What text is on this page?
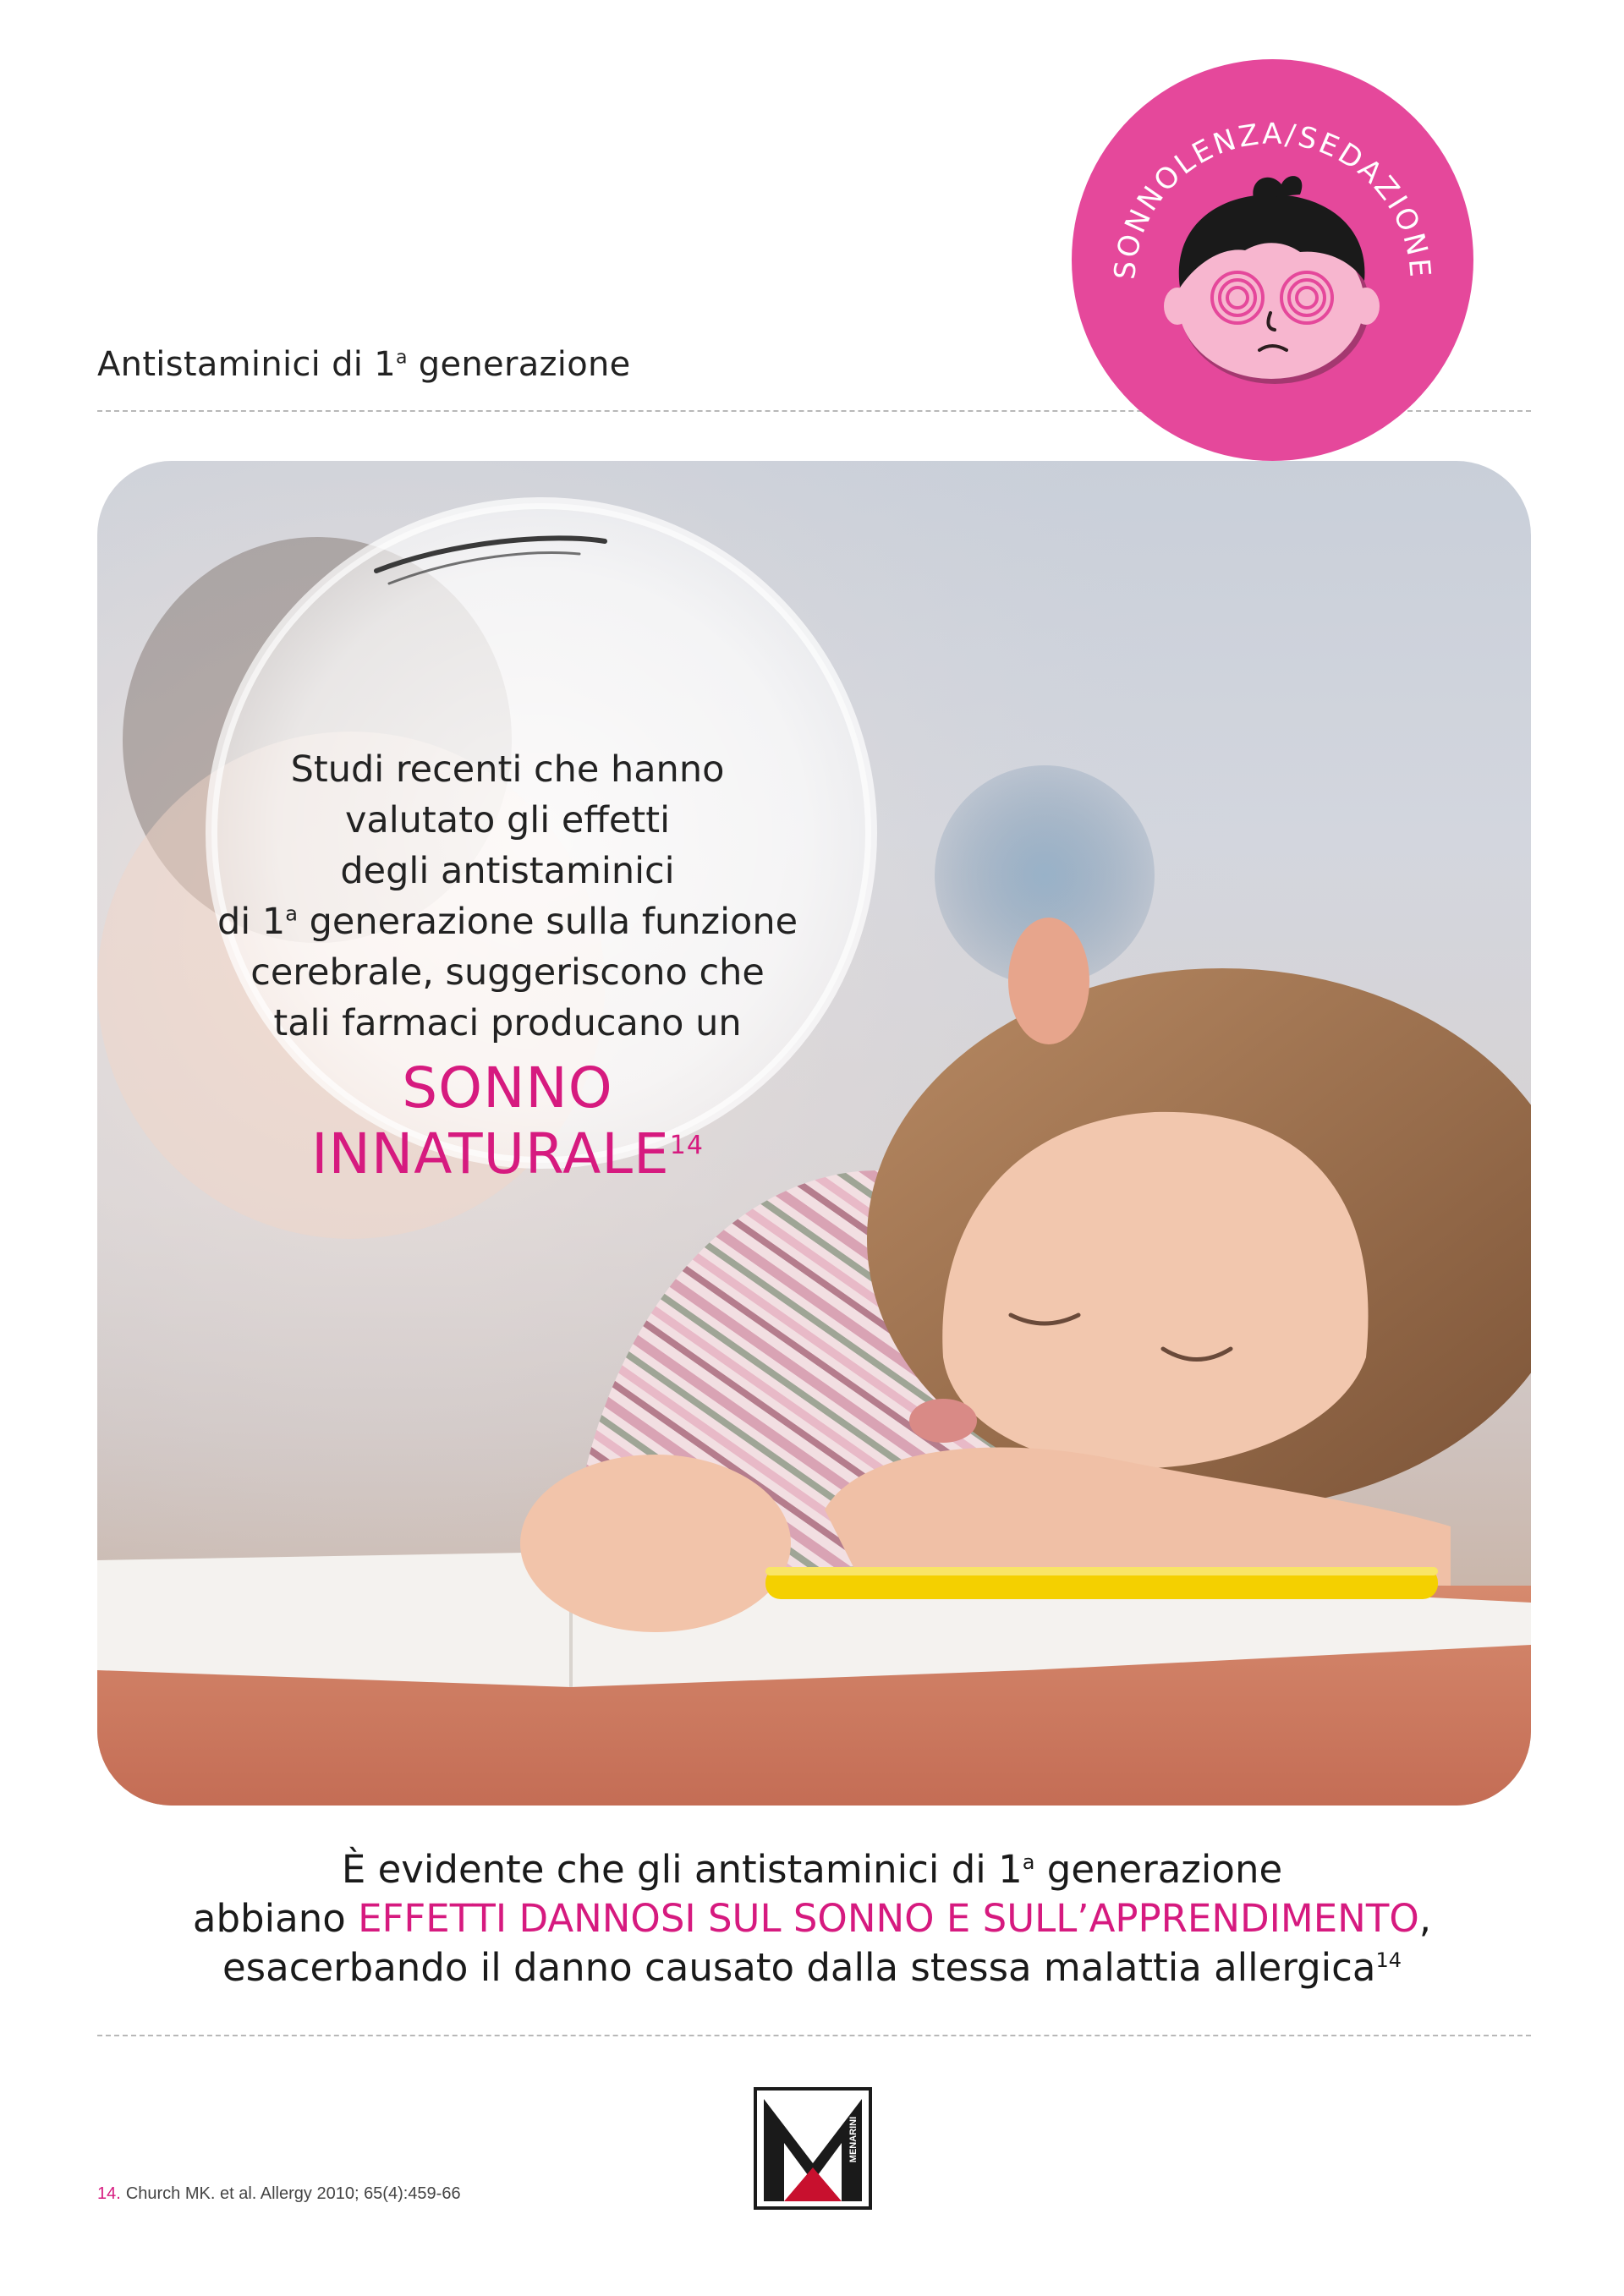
Antistaminici di 1$^a$ generazione
SONNOLENZA/SEDAZIONE
Studi recenti che hanno
valutato gli effetti
degli antistaminici
di 1$^a$ generazione sulla funzione
cerebrale, suggeriscono che
tali farmaci producano un
SONNO INNATURALE$^{14}$
È evidente che gli antistaminici di 1$^a$ generazione
abbiano EFFETTI DANNOSI SUL SONNO E SULL’APPRENDIMENTO,
esacerbando il danno causato dalla stessa malattia allergica$^{14}$
MENARINI
14. Church MK. et al. Allergy 2010; 65(4):459-66
